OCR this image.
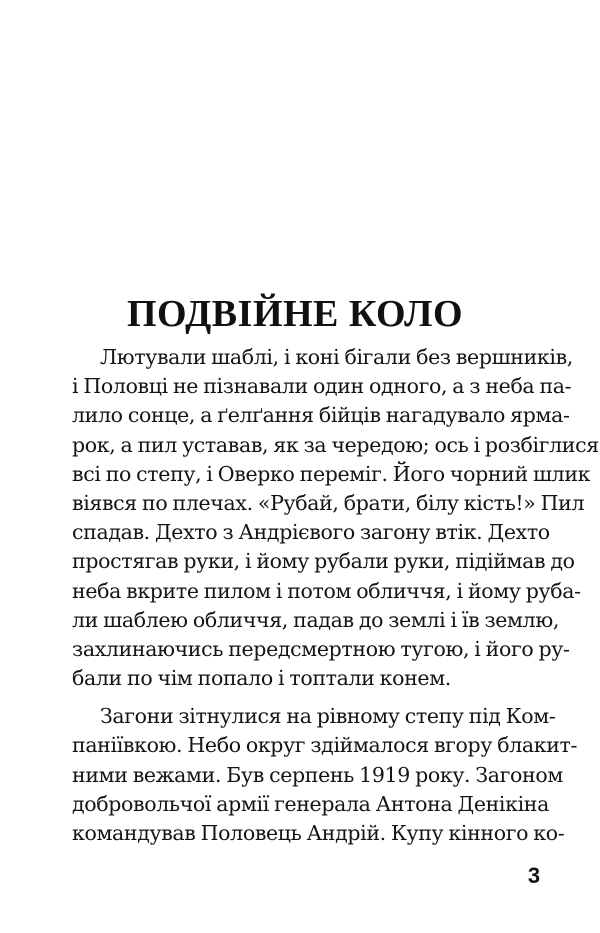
ПОДВІЙНЕ КОЛО
Лютували шаблі, і коні бігали без вершників,
і Половці не пізнавали один одного, а з неба па-
лило сонце, а ґелґання бійців нагадувало ярма-
рок, а пил уставав, як за чередою; ось і розбіглися
всі по степу, і Оверко переміг. Його чорний шлик
віявся по плечах. «Рубай, брати, білу кість!» Пил
спадав. Дехто з Андрієвого загону втік. Дехто
простягав руки, і йому рубали руки, підіймав до
неба вкрите пилом і потом обличчя, і йому руба-
ли шаблею обличчя, падав до землі і їв землю,
захлинаючись передсмертною тугою, і його ру-
бали по чім попало і топтали конем.
Загони зітнулися на рівному степу під Ком-
паніївкою. Небо округ здіймалося вгору блакит-
ними вежами. Був серпень 1919 року. Загоном
добровольчої армії генерала Антона Денікіна
командував Половець Андрій. Купу кінного ко-
3
